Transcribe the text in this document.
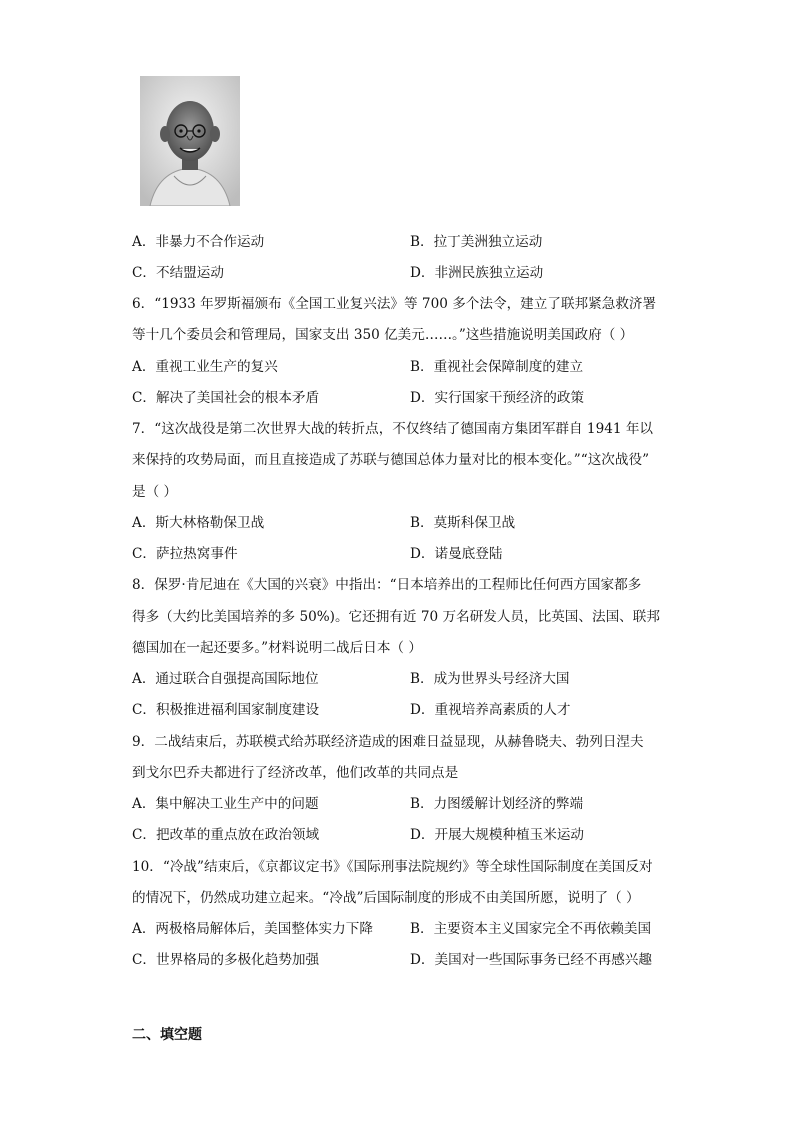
A．非暴力不合作运动	B．拉丁美洲独立运动
C．不结盟运动	D．非洲民族独立运动
6．“1933 年罗斯福颁布《全国工业复兴法》等 700 多个法令，建立了联邦紧急救济署
等十几个委员会和管理局，国家支出 350 亿美元……。”这些措施说明美国政府（ ）
A．重视工业生产的复兴	B．重视社会保障制度的建立
C．解决了美国社会的根本矛盾	D．实行国家干预经济的政策
7．“这次战役是第二次世界大战的转折点，不仅终结了德国南方集团军群自 1941 年以
来保持的攻势局面，而且直接造成了苏联与德国总体力量对比的根本变化。”“这次战役”
是（ ）
A．斯大林格勒保卫战	B．莫斯科保卫战
C．萨拉热窝事件	D．诺曼底登陆
8．保罗·肯尼迪在《大国的兴衰》中指出：“日本培养出的工程师比任何西方国家都多
得多（大约比美国培养的多 50%)。它还拥有近 70 万名研发人员，比英国、法国、联邦
德国加在一起还要多。”材料说明二战后日本（ ）
A．通过联合自强提高国际地位	B．成为世界头号经济大国
C．积极推进福利国家制度建设	D．重视培养高素质的人才
9．二战结束后，苏联模式给苏联经济造成的困难日益显现，从赫鲁晓夫、勃列日涅夫
到戈尔巴乔夫都进行了经济改革，他们改革的共同点是
A．集中解决工业生产中的问题	B．力图缓解计划经济的弊端
C．把改革的重点放在政治领域	D．开展大规模种植玉米运动
10．“冷战”结束后，《京都议定书》《国际刑事法院规约》等全球性国际制度在美国反对
的情况下，仍然成功建立起来。“冷战”后国际制度的形成不由美国所愿，说明了（ ）
A．两极格局解体后，美国整体实力下降	B．主要资本主义国家完全不再依赖美国
C．世界格局的多极化趋势加强	D．美国对一些国际事务已经不再感兴趣
二、填空题
